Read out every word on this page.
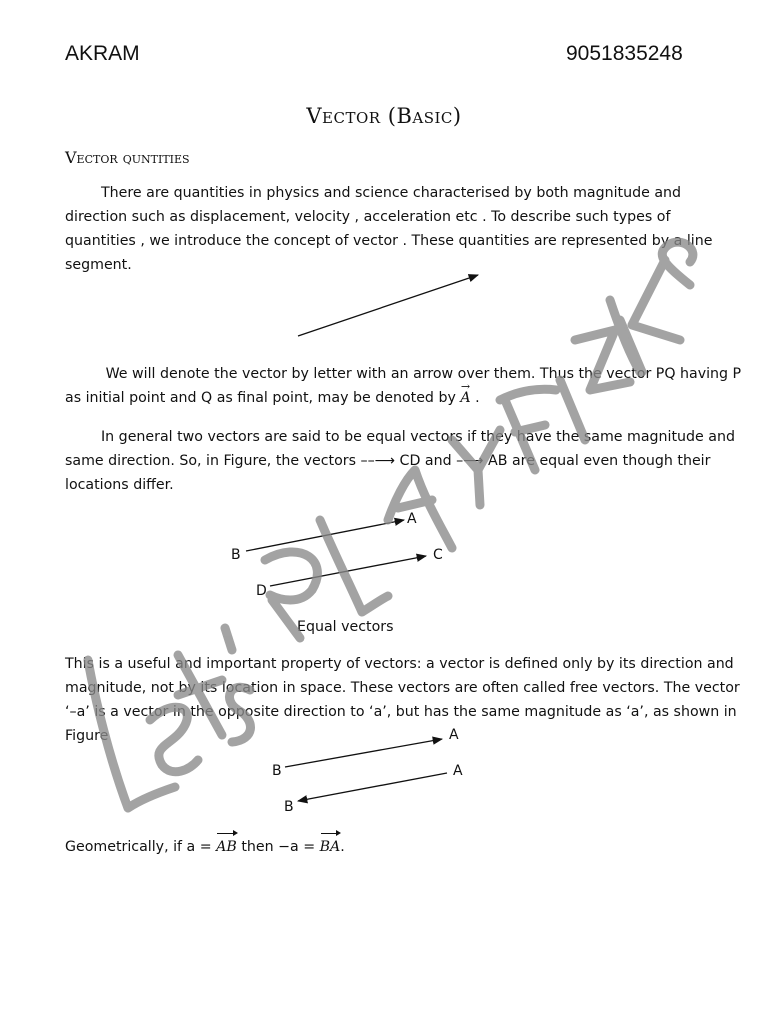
AKRAM	9051835248
Vector (Basic)
Vector quntities

There are quantities in physics and science characterised by both magnitude and direction such as displacement, velocity , acceleration etc . To describe such types of quantities , we introduce the concept of vector . These quantities are represented by a line segment.

We will denote the vector by letter with an arrow over them. Thus the vector PQ having P as initial point and Q as final point, may be denoted by → A .

In general two vectors are said to be equal vectors if they have the same magnitude and same direction. So, in Figure, the vectors ––⟶ CD and –⟶ AB are equal even though their locations differ.

A
B	C
D
Equal vectors

This is a useful and important property of vectors: a vector is defined only by its direction and magnitude, not by its location in space. These vectors are often called free vectors. The vector ‘–a’ is a vector in the opposite direction to ‘a’, but has the same magnitude as ‘a’, as shown in Figure	A
B	A
B

Geometrically, if a = AB then −a = BA.
